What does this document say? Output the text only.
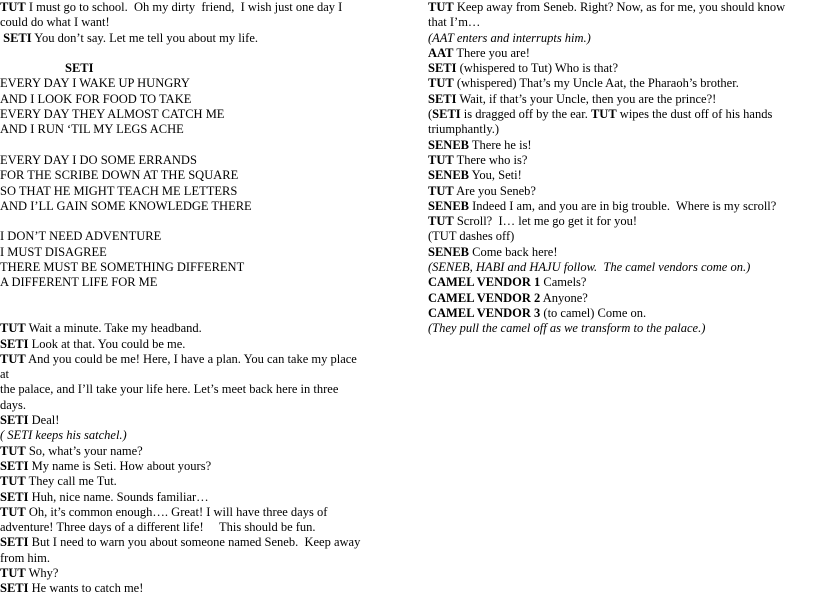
TUT I must go to school.  Oh my dirty  friend,  I wish just one day I
could do what I want!
SETI You don’t say. Let me tell you about my life.
SETI
EVERY DAY I WAKE UP HUNGRY
AND I LOOK FOR FOOD TO TAKE
EVERY DAY THEY ALMOST CATCH ME
AND I RUN ‘TIL MY LEGS ACHE
EVERY DAY I DO SOME ERRANDS
FOR THE SCRIBE DOWN AT THE SQUARE
SO THAT HE MIGHT TEACH ME LETTERS
AND I’LL GAIN SOME KNOWLEDGE THERE
I DON’T NEED ADVENTURE
I MUST DISAGREE
THERE MUST BE SOMETHING DIFFERENT
A DIFFERENT LIFE FOR ME
TUT Wait a minute. Take my headband.
SETI Look at that. You could be me.
TUT And you could be me! Here, I have a plan. You can take my place
at
the palace, and I’ll take your life here. Let’s meet back here in three
days.
SETI Deal!
( SETI keeps his satchel.)
TUT So, what’s your name?
SETI My name is Seti. How about yours?
TUT They call me Tut.
SETI Huh, nice name. Sounds familiar…
TUT Oh, it’s common enough…. Great! I will have three days of
adventure! Three days of a different life!     This should be fun.
SETI But I need to warn you about someone named Seneb.  Keep away
from him.
TUT Why?
SETI He wants to catch me!
TUT Keep away from Seneb. Right? Now, as for me, you should know
that I’m…
(AAT enters and interrupts him.)
AAT There you are!
SETI (whispered to Tut) Who is that?
TUT (whispered) That’s my Uncle Aat, the Pharaoh’s brother.
SETI Wait, if that’s your Uncle, then you are the prince?!
(SETI is dragged off by the ear. TUT wipes the dust off of his hands
triumphantly.)
SENEB There he is!
TUT There who is?
SENEB You, Seti!
TUT Are you Seneb?
SENEB Indeed I am, and you are in big trouble.  Where is my scroll?
TUT Scroll?  I… let me go get it for you!
(TUT dashes off)
SENEB Come back here!
(SENEB, HABI and HAJU follow.  The camel vendors come on.)
CAMEL VENDOR 1 Camels?
CAMEL VENDOR 2 Anyone?
CAMEL VENDOR 3 (to camel) Come on.
(They pull the camel off as we transform to the palace.)
